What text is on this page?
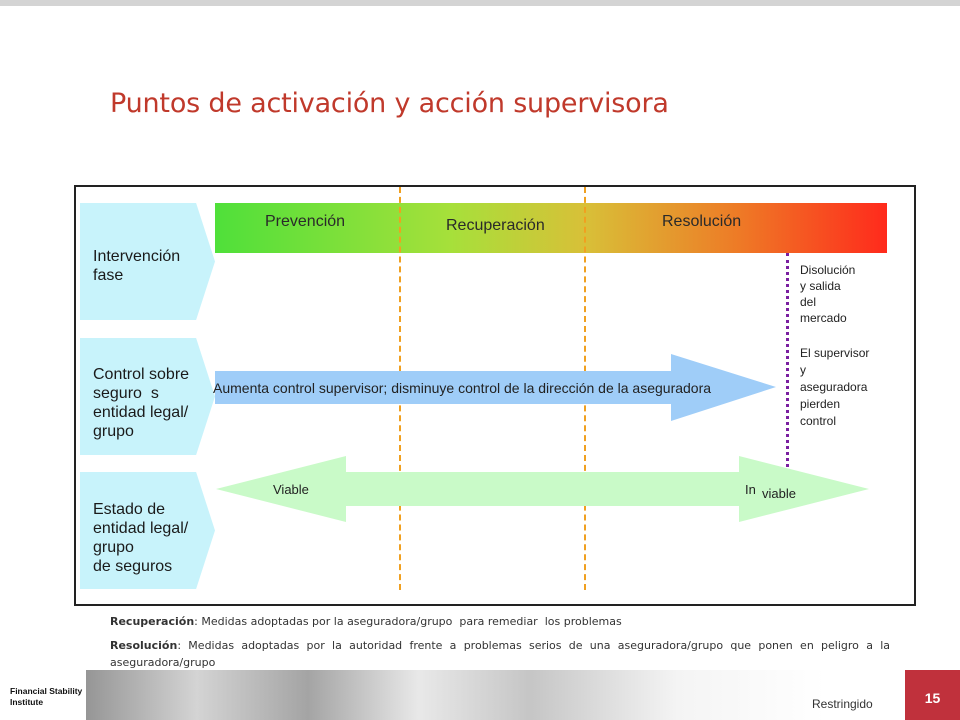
Puntos de activación y acción supervisora
Prevención	Recuperación	Resolución
Intervención
fase
Control sobre
seguro  s
entidad legal/
grupo
Estado de
entidad legal/
grupo
de seguros
Aumenta control supervisor; disminuye control de la dirección de la aseguradora
Viable	In viable
Disolución
y salida
del
mercado
El supervisor
y
aseguradora
pierden
control
Recuperación: Medidas adoptadas por la aseguradora/grupo  para remediar  los problemas
Resolución: Medidas adoptadas por la autoridad frente a problemas serios de una aseguradora/grupo que ponen en peligro a la aseguradora/grupo
Financial Stability
Institute	Restringido	15
